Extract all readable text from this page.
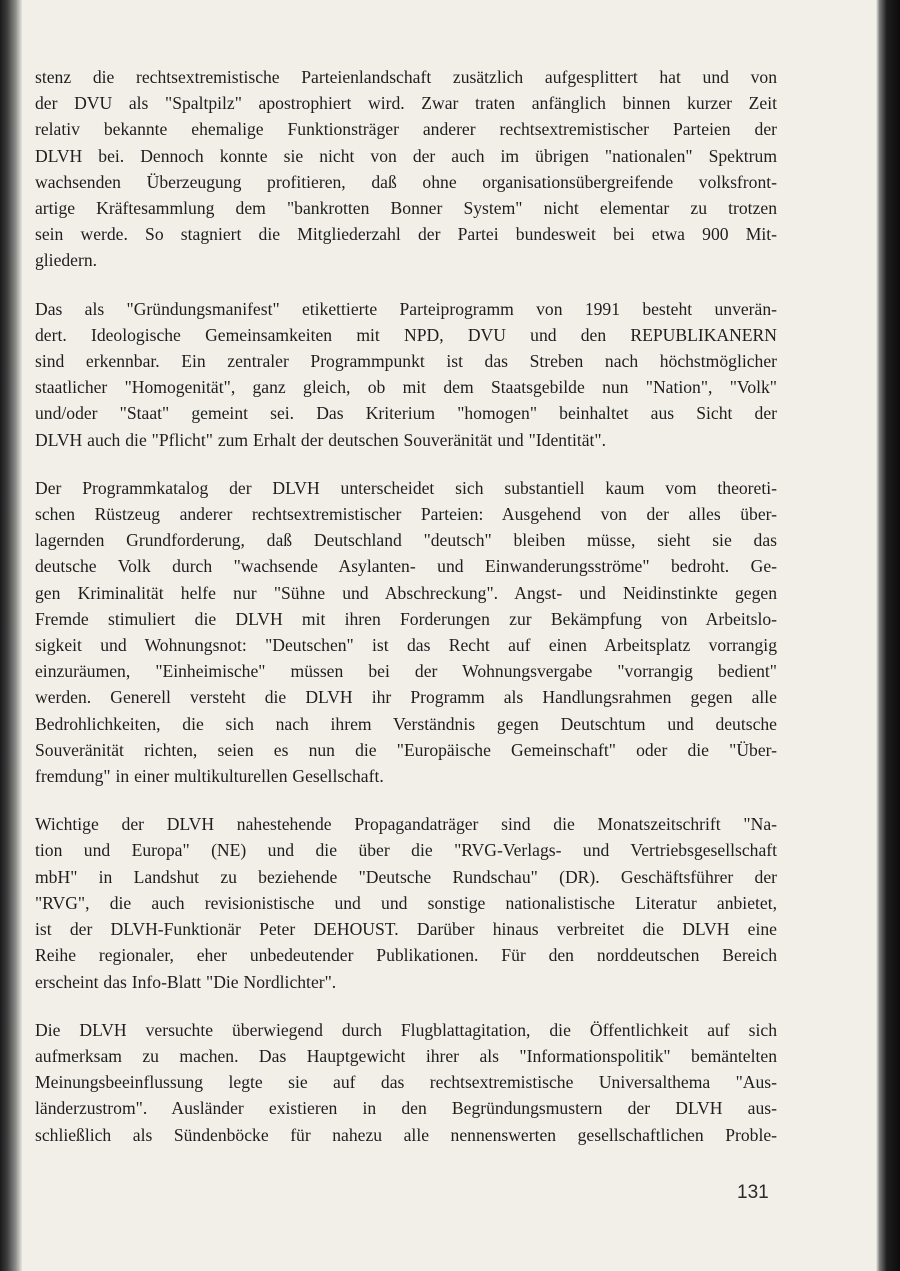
stenz die rechtsextremistische Parteienlandschaft zusätzlich aufgesplittert hat und von
der DVU als "Spaltpilz" apostrophiert wird. Zwar traten anfänglich binnen kurzer Zeit
relativ bekannte ehemalige Funktionsträger anderer rechtsextremistischer Parteien der
DLVH bei. Dennoch konnte sie nicht von der auch im übrigen "nationalen" Spektrum
wachsenden Überzeugung profitieren, daß ohne organisationsübergreifende volksfront-
artige Kräftesammlung dem "bankrotten Bonner System" nicht elementar zu trotzen
sein werde. So stagniert die Mitgliederzahl der Partei bundesweit bei etwa 900 Mit-
gliedern.

Das als "Gründungsmanifest" etikettierte Parteiprogramm von 1991 besteht unverän-
dert. Ideologische Gemeinsamkeiten mit NPD, DVU und den REPUBLIKANERN
sind erkennbar. Ein zentraler Programmpunkt ist das Streben nach höchstmöglicher
staatlicher "Homogenität", ganz gleich, ob mit dem Staatsgebilde nun "Nation", "Volk"
und/oder "Staat" gemeint sei. Das Kriterium "homogen" beinhaltet aus Sicht der
DLVH auch die "Pflicht" zum Erhalt der deutschen Souveränität und "Identität".

Der Programmkatalog der DLVH unterscheidet sich substantiell kaum vom theoreti-
schen Rüstzeug anderer rechtsextremistischer Parteien: Ausgehend von der alles über-
lagernden Grundforderung, daß Deutschland "deutsch" bleiben müsse, sieht sie das
deutsche Volk durch "wachsende Asylanten- und Einwanderungsströme" bedroht. Ge-
gen Kriminalität helfe nur "Sühne und Abschreckung". Angst- und Neidinstinkte gegen
Fremde stimuliert die DLVH mit ihren Forderungen zur Bekämpfung von Arbeitslo-
sigkeit und Wohnungsnot: "Deutschen" ist das Recht auf einen Arbeitsplatz vorrangig
einzuräumen, "Einheimische" müssen bei der Wohnungsvergabe "vorrangig bedient"
werden. Generell versteht die DLVH ihr Programm als Handlungsrahmen gegen alle
Bedrohlichkeiten, die sich nach ihrem Verständnis gegen Deutschtum und deutsche
Souveränität richten, seien es nun die "Europäische Gemeinschaft" oder die "Über-
fremdung" in einer multikulturellen Gesellschaft.

Wichtige der DLVH nahestehende Propagandaträger sind die Monatszeitschrift "Na-
tion und Europa" (NE) und die über die "RVG-Verlags- und Vertriebsgesellschaft
mbH" in Landshut zu beziehende "Deutsche Rundschau" (DR). Geschäftsführer der
"RVG", die auch revisionistische und und sonstige nationalistische Literatur anbietet,
ist der DLVH-Funktionär Peter DEHOUST. Darüber hinaus verbreitet die DLVH eine
Reihe regionaler, eher unbedeutender Publikationen. Für den norddeutschen Bereich
erscheint das Info-Blatt "Die Nordlichter".

Die DLVH versuchte überwiegend durch Flugblattagitation, die Öffentlichkeit auf sich
aufmerksam zu machen. Das Hauptgewicht ihrer als "Informationspolitik" bemäntelten
Meinungsbeeinflussung legte sie auf das rechtsextremistische Universalthema "Aus-
länderzustrom". Ausländer existieren in den Begründungsmustern der DLVH aus-
schließlich als Sündenböcke für nahezu alle nennenswerten gesellschaftlichen Proble-

131
